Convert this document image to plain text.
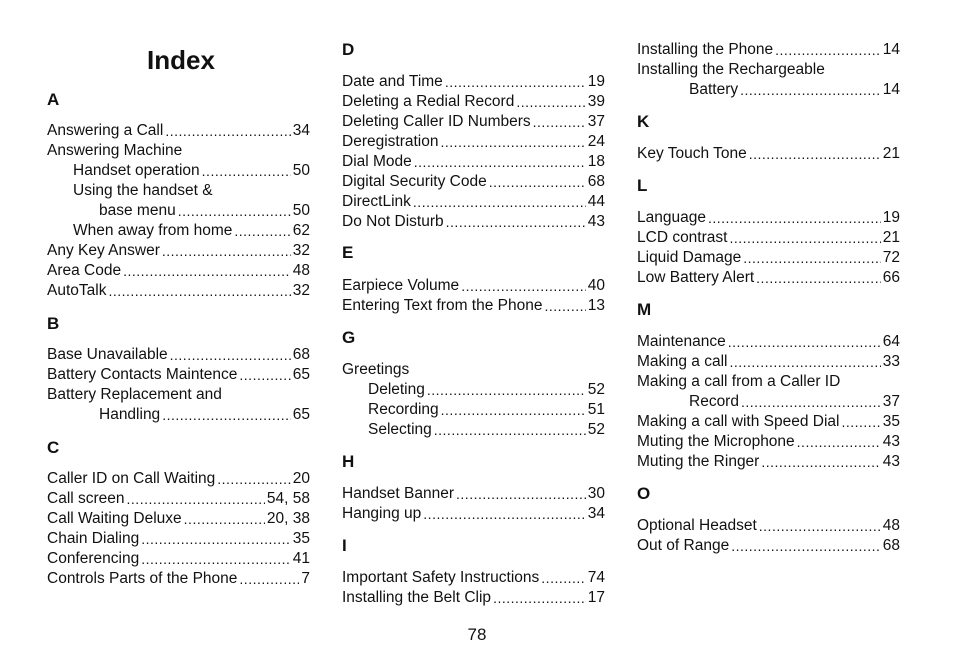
Index
A
Answering a Call .....	34
Answering Machine
Handset operation .....	50
Using the handset &
base menu .....	50
When away from home .....	62
Any Key Answer .....	32
Area Code .....	48
AutoTalk .....	32
B
Base Unavailable .....	68
Battery Contacts Maintence .....	65
Battery Replacement and
Handling .....	65
C
Caller ID on Call Waiting .....	20
Call screen .....	54, 58
Call Waiting Deluxe .....	20, 38
Chain Dialing .....	35
Conferencing .....	41
Controls Parts of the Phone .....	7
D
Date and Time .....	19
Deleting a Redial Record .....	39
Deleting Caller ID Numbers .....	37
Deregistration .....	24
Dial Mode .....	18
Digital Security Code .....	68
DirectLink .....	44
Do Not Disturb .....	43
E
Earpiece Volume .....	40
Entering Text from the Phone .....	13
G
Greetings
Deleting .....	52
Recording .....	51
Selecting .....	52
H
Handset Banner .....	30
Hanging up .....	34
I
Important Safety Instructions .....	74
Installing the Belt Clip .....	17
Installing the Phone .....	14
Installing the Rechargeable
Battery .....	14
K
Key Touch Tone .....	21
L
Language .....	19
LCD contrast .....	21
Liquid Damage .....	72
Low Battery Alert .....	66
M
Maintenance .....	64
Making a call .....	33
Making a call from a Caller ID
Record .....	37
Making a call with Speed Dial .....	35
Muting the Microphone .....	43
Muting the Ringer .....	43
O
Optional Headset .....	48
Out of Range .....	68
78
